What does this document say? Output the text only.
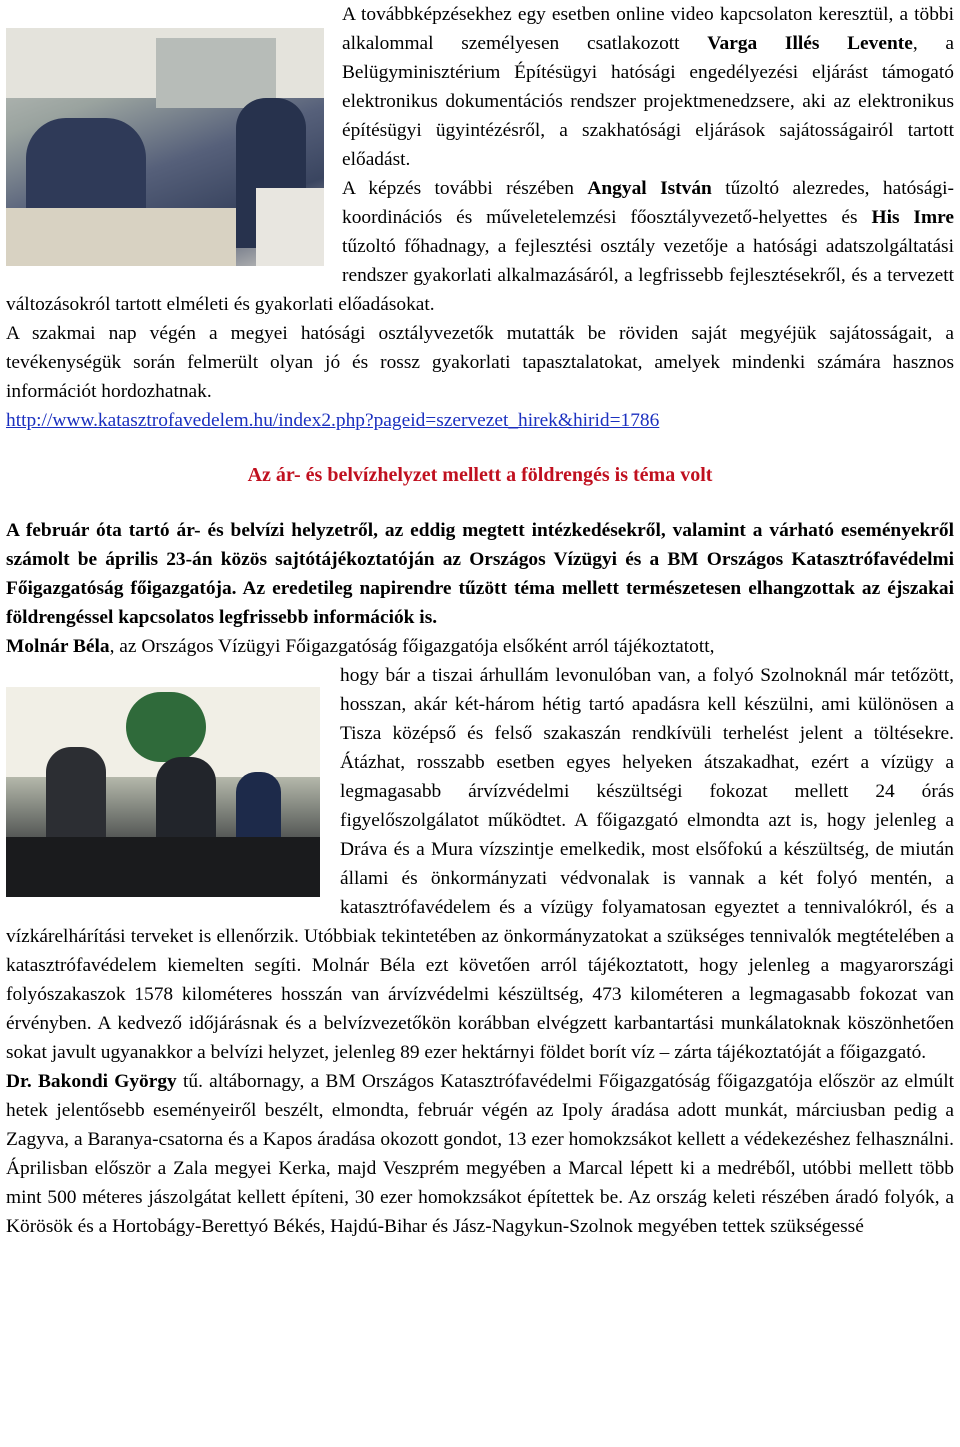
A továbbképzésekhez egy esetben online video kapcsolaton keresztül, a többi alkalommal személyesen csatlakozott Varga Illés Levente, a Belügyminisztérium Építésügyi hatósági engedélyezési eljárást támogató elektronikus dokumentációs rendszer projektmenedzsere, aki az elektronikus építésügyi ügyintézésről, a szakhatósági eljárások sajátosságairól tartott előadást.

A képzés további részében Angyal István tűzoltó alezredes, hatósági-koordinációs és műveletelemzési főosztályvezető-helyettes és His Imre tűzoltó főhadnagy, a fejlesztési osztály vezetője a hatósági adatszolgáltatási rendszer gyakorlati alkalmazásáról, a legfrissebb fejlesztésekről, és a tervezett változásokról tartott elméleti és gyakorlati előadásokat.

A szakmai nap végén a megyei hatósági osztályvezetők mutatták be röviden saját megyéjük sajátosságait, a tevékenységük során felmerült olyan jó és rossz gyakorlati tapasztalatokat, amelyek mindenki számára hasznos információt hordozhatnak.

http://www.katasztrofavedelem.hu/index2.php?pageid=szervezet_hirek&hirid=1786

Az ár- és belvízhelyzet mellett a földrengés is téma volt

A február óta tartó ár- és belvízi helyzetről, az eddig megtett intézkedésekről, valamint a várható eseményekről számolt be április 23-án közös sajtótájékoztatóján az Országos Vízügyi és a BM Országos Katasztrófavédelmi Főigazgatóság főigazgatója. Az eredetileg napirendre tűzött téma mellett természetesen elhangzottak az éjszakai földrengéssel kapcsolatos legfrissebb információk is.

Molnár Béla, az Országos Vízügyi Főigazgatóság főigazgatója elsőként arról tájékoztatott,

hogy bár a tiszai árhullám levonulóban van, a folyó Szolnoknál már tetőzött, hosszan, akár két-három hétig tartó apadásra kell készülni, ami különösen a Tisza középső és felső szakaszán rendkívüli terhelést jelent a töltésekre. Átázhat, rosszabb esetben egyes helyeken átszakadhat, ezért a vízügy a legmagasabb árvízvédelmi készültségi fokozat mellett 24 órás figyelőszolgálatot működtet. A főigazgató elmondta azt is, hogy jelenleg a Dráva és a Mura vízszintje emelkedik, most elsőfokú a készültség, de miután állami és önkormányzati védvonalak is vannak a két folyó mentén, a katasztrófavédelem és a vízügy folyamatosan egyeztet a tennivalókról, és a vízkárelhárítási terveket is ellenőrzik. Utóbbiak tekintetében az önkormányzatokat a szükséges tennivalók megtételében a katasztrófavédelem kiemelten segíti. Molnár Béla ezt követően arról tájékoztatott, hogy jelenleg a magyarországi folyószakaszok 1578 kilométeres hosszán van árvízvédelmi készültség, 473 kilométeren a legmagasabb fokozat van érvényben. A kedvező időjárásnak és a belvízvezetőkön korábban elvégzett karbantartási munkálatoknak köszönhetően sokat javult ugyanakkor a belvízi helyzet, jelenleg 89 ezer hektárnyi földet borít víz – zárta tájékoztatóját a főigazgató.

Dr. Bakondi György tű. altábornagy, a BM Országos Katasztrófavédelmi Főigazgatóság főigazgatója először az elmúlt hetek jelentősebb eseményeiről beszélt, elmondta, február végén az Ipoly áradása adott munkát, márciusban pedig a Zagyva, a Baranya-csatorna és a Kapos áradása okozott gondot, 13 ezer homokzsákot kellett a védekezéshez felhasználni. Áprilisban először a Zala megyei Kerka, majd Veszprém megyében a Marcal lépett ki a medréből, utóbbi mellett több mint 500 méteres jászolgátat kellett építeni, 30 ezer homokzsákot építettek be. Az ország keleti részében áradó folyók, a Körösök és a Hortobágy-Berettyó Békés, Hajdú-Bihar és Jász-Nagykun-Szolnok megyében tettek szükségessé
